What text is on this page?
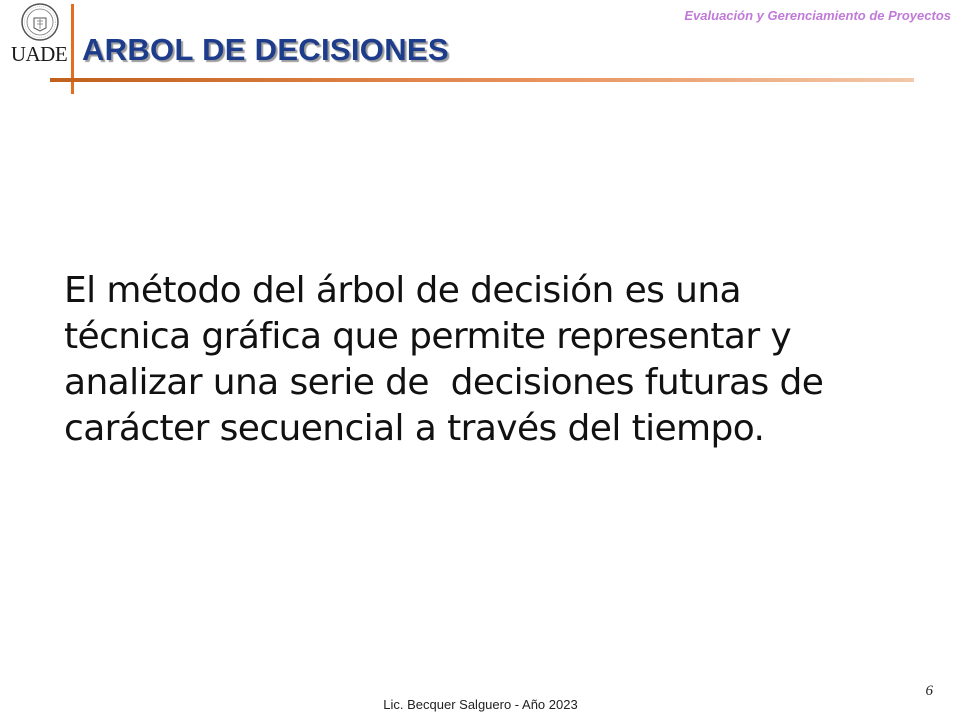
UADE
Evaluación y Gerenciamiento de Proyectos
ARBOL DE DECISIONES
El método del árbol de decisión es una
técnica gráfica que permite representar y
analizar una serie de  decisiones futuras de
carácter secuencial a través del tiempo.
Lic. Becquer Salguero - Año 2023
6
